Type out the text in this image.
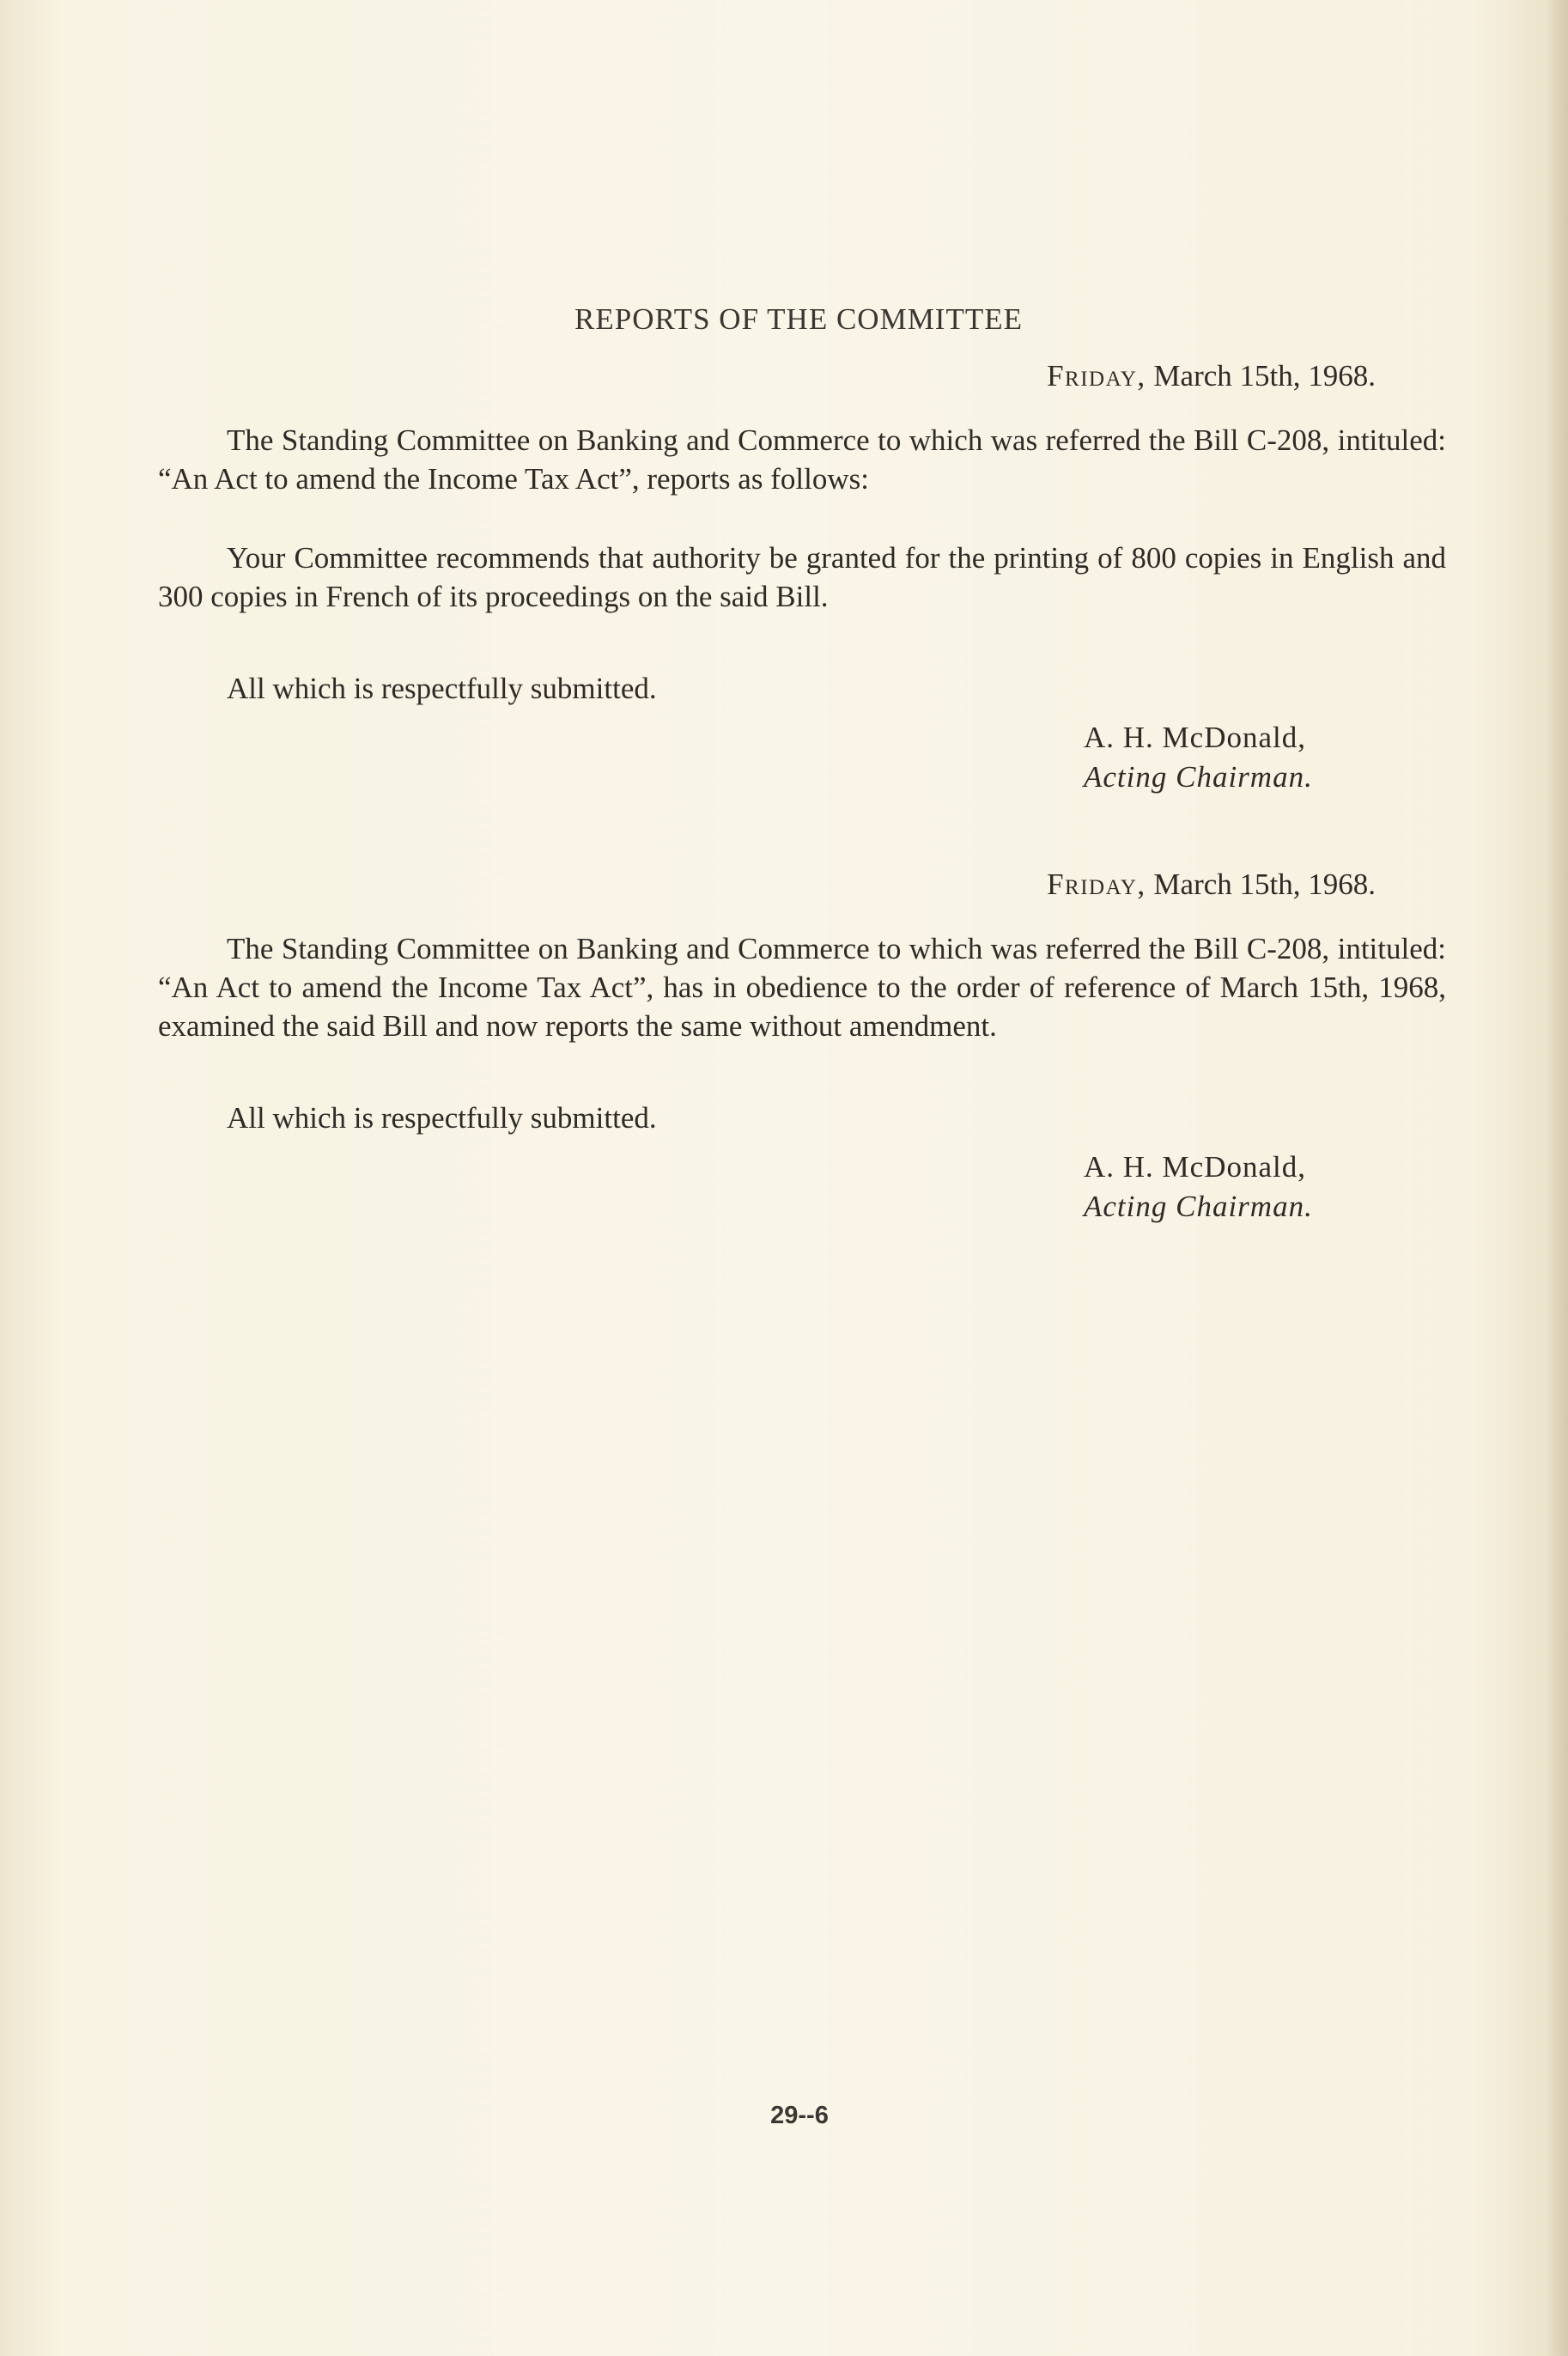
REPORTS OF THE COMMITTEE
Friday, March 15th, 1968.
The Standing Committee on Banking and Commerce to which was referred the Bill C-208, intituled: “An Act to amend the Income Tax Act”, reports as follows:
Your Committee recommends that authority be granted for the printing of 800 copies in English and 300 copies in French of its proceedings on the said Bill.
All which is respectfully submitted.
A. H. McDonald,
Acting Chairman.
Friday, March 15th, 1968.
The Standing Committee on Banking and Commerce to which was referred the Bill C-208, intituled: “An Act to amend the Income Tax Act”, has in obedience to the order of reference of March 15th, 1968, examined the said Bill and now reports the same without amendment.
All which is respectfully submitted.
A. H. McDonald,
Acting Chairman.
29--6
